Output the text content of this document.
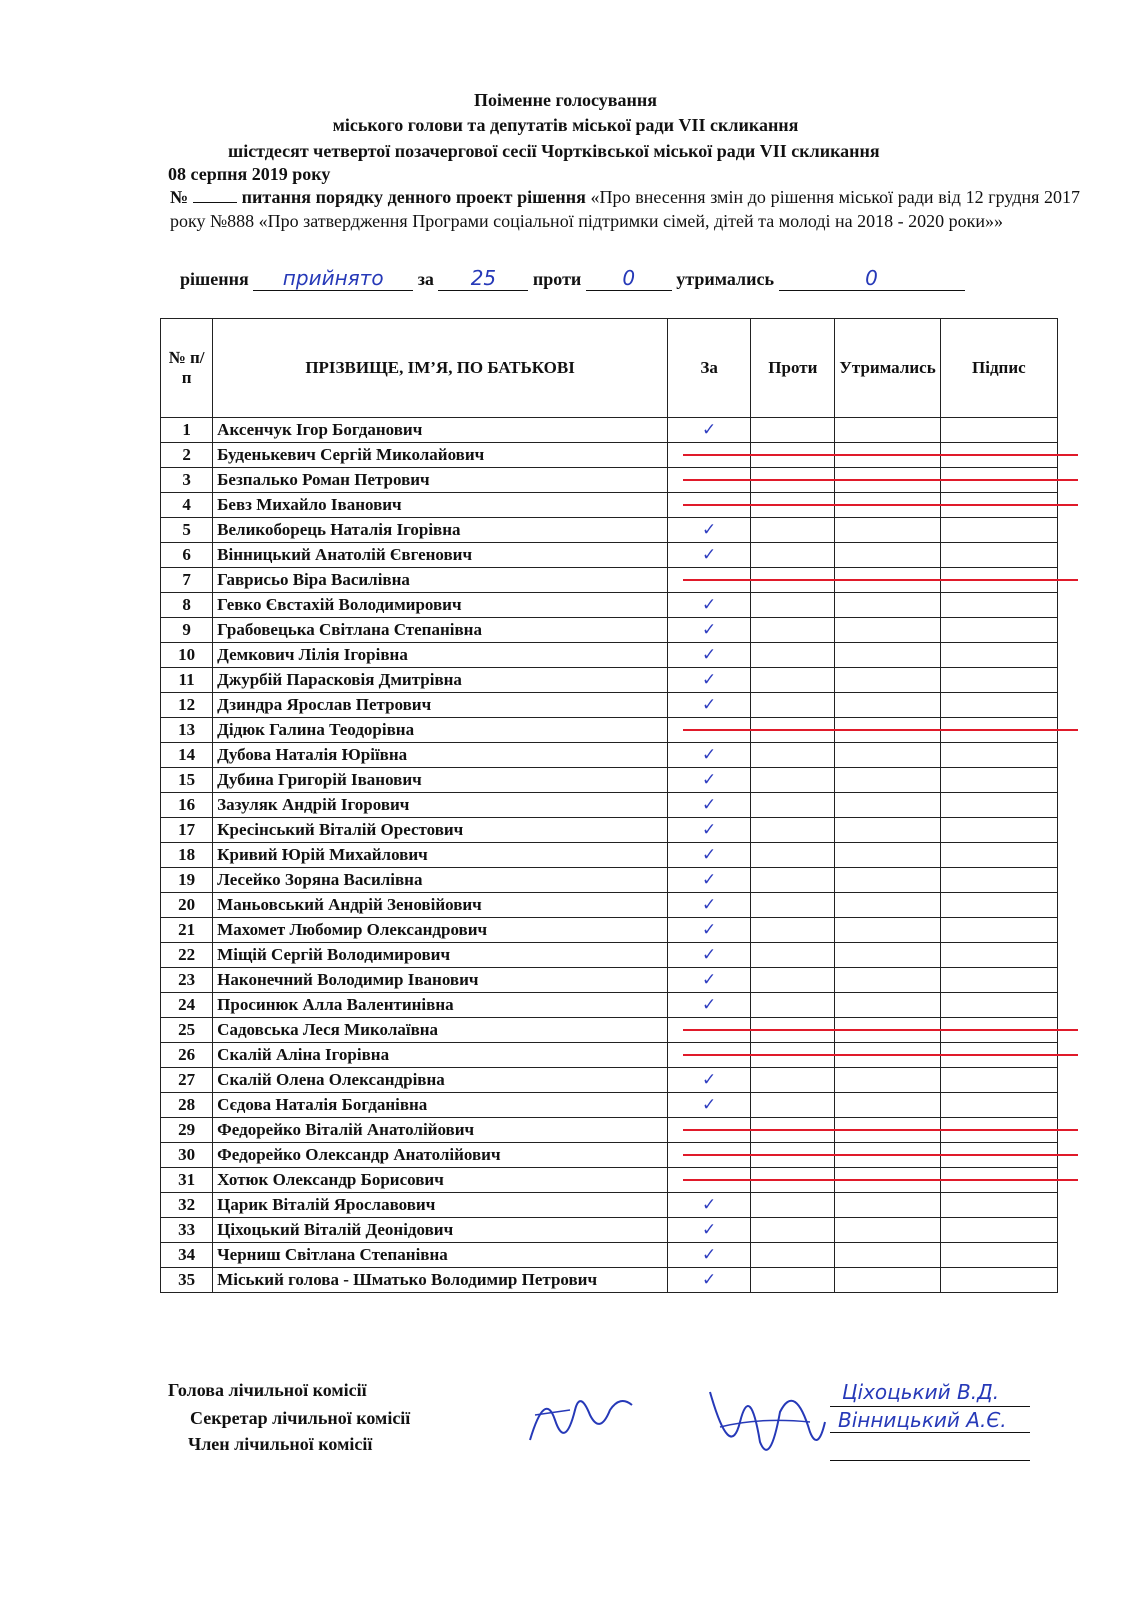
Поіменне голосування
міського голови та депутатів міської ради VII скликання
шістдесят четвертої позачергової сесії Чортківської міської ради VII скликання
08 серпня 2019 року
№	питання порядку денного проект рішення «Про внесення змін до рішення міської ради від 12 грудня 2017 року №888 «Про затвердження Програми соціальної підтримки сімей, дітей та молоді на 2018 - 2020 роки»»
рішення прийнято за 25 проти 0 утримались	0
№ п/п	ПРІЗВИЩЕ, ІМ’Я, ПО БАТЬКОВІ	За	Проти	Утримались	Підпис
1	Аксенчук Ігор Богданович	✓			
2	Буденькевич Сергій Миколайович				
3	Безпалько Роман Петрович				
4	Бевз Михайло Іванович				
5	Великоборець Наталія Ігорівна	✓			
6	Вінницький Анатолій Євгенович	✓			
7	Гаврисьо Віра Василівна				
8	Гевко Євстахій Володимирович	✓			
9	Грабовецька Світлана Степанівна	✓			
10	Демкович Лілія Ігорівна	✓			
11	Джурбій Парасковія Дмитрівна	✓			
12	Дзиндра Ярослав Петрович	✓			
13	Дідюк Галина Теодорівна				
14	Дубова Наталія Юріївна	✓			
15	Дубина Григорій Іванович	✓			
16	Зазуляк Андрій Ігорович	✓			
17	Кресінський Віталій Орестович	✓			
18	Кривий Юрій Михайлович	✓			
19	Лесейко Зоряна Василівна	✓			
20	Маньовський Андрій Зеновійович	✓			
21	Махомет Любомир Олександрович	✓			
22	Міщій Сергій Володимирович	✓			
23	Наконечний Володимир Іванович	✓			
24	Просинюк Алла Валентинівна	✓			
25	Садовська Леся Миколаївна				
26	Скалій Аліна Ігорівна				
27	Скалій Олена Олександрівна	✓			
28	Сєдова Наталія Богданівна	✓			
29	Федорейко Віталій Анатолійович				
30	Федорейко Олександр Анатолійович				
31	Хотюк Олександр Борисович				
32	Царик Віталій Ярославович	✓			
33	Ціхоцький Віталій Деонідович	✓			
34	Черниш Світлана Степанівна	✓			
35	Міський голова - Шматько Володимир Петрович	✓			
Голова лічильної комісії
Секретар лічильної комісії
Член лічильної комісії
Ціхоцький В.Д.
Вінницький А.Є.
